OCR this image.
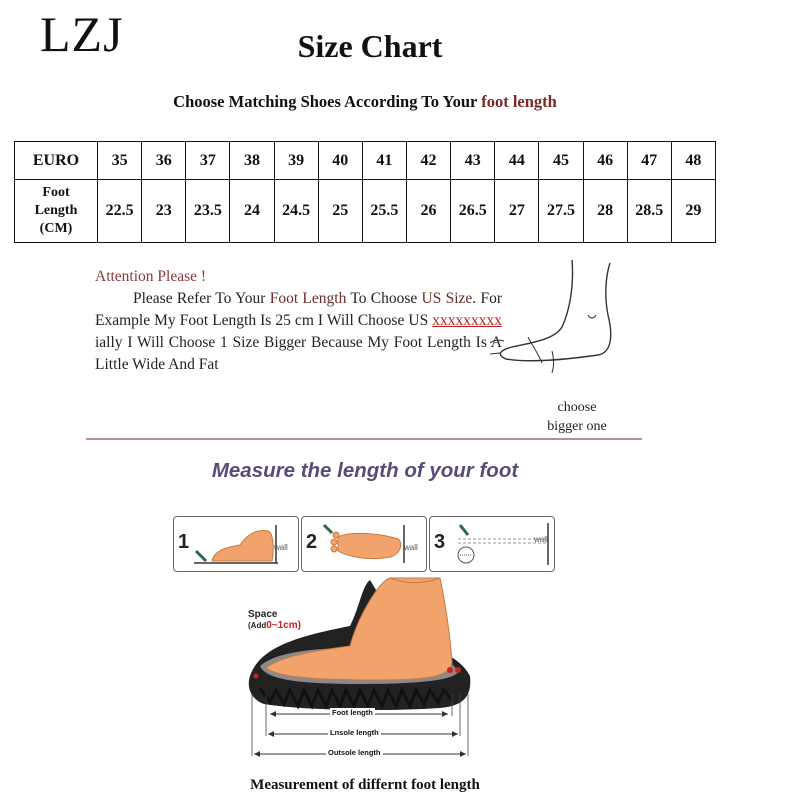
LZJ	Size Chart
Choose Matching Shoes According To Your foot length
EURO	35	36	37	38	39	40	41	42	43	44	45	46	47	48
Foot
Length
(CM)	22.5	23	23.5	24	24.5	25	25.5	26	26.5	27	27.5	28	28.5	29

Attention Please !

Please Refer To Your Foot Length To Choose US Size. For Example My Foot Length Is 25 cm I Will Choose US xxxxxxxxx ially I Will Choose 1 Size Bigger Because My Foot Length Is A Little Wide And Fat

choose
bigger one
Measure the length of your foot
1	wall 2	wall 3	wall
Space
(Add0~1cm)
Foot length
Lnsole length
Outsole length
Measurement of differnt foot length
